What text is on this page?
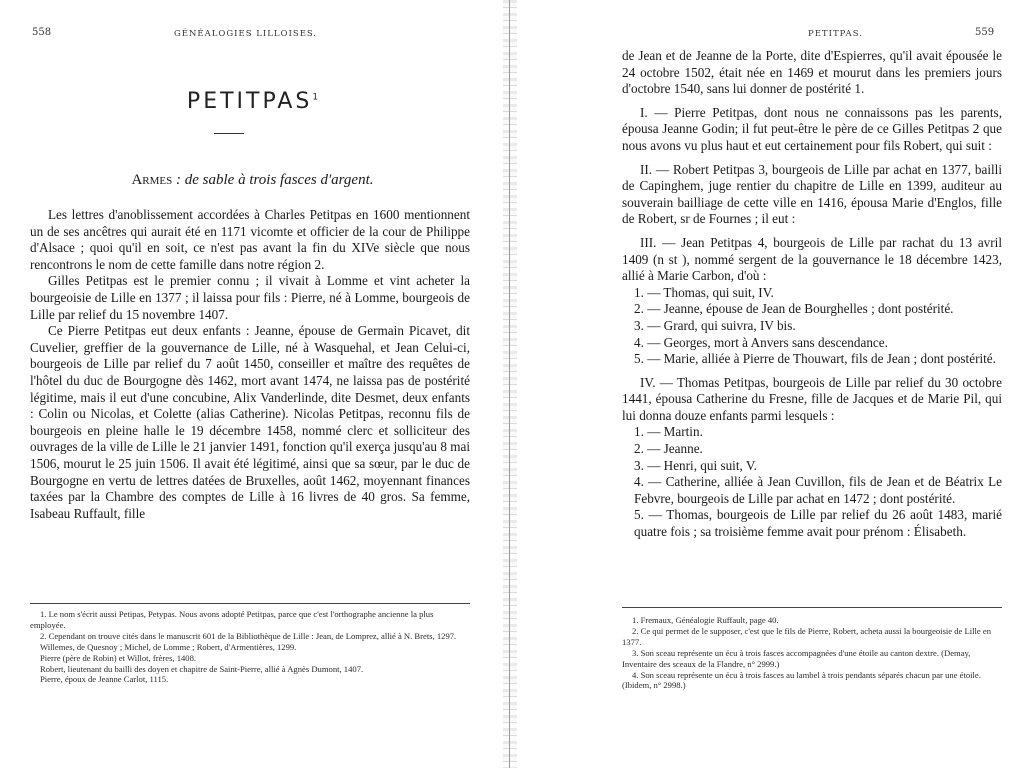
558	GÉNÉALOGIES LILLOISES.
PETITPAS$^1$
Armes : de sable à trois fasces d'argent.

Les lettres d'anoblissement accordées à Charles Petitpas en 1600 mentionnent un de ses ancêtres qui aurait été en 1171 vicomte et officier de la cour de Philippe d'Alsace ; quoi qu'il en soit, ce n'est pas avant la fin du XIVe siècle que nous rencontrons le nom de cette famille dans notre région 2.

Gilles Petitpas est le premier connu ; il vivait à Lomme et vint acheter la bourgeoisie de Lille en 1377 ; il laissa pour fils : Pierre, né à Lomme, bourgeois de Lille par relief du 15 novembre 1407.

Ce Pierre Petitpas eut deux enfants : Jeanne, épouse de Germain Picavet, dit Cuvelier, greffier de la gouvernance de Lille, né à Wasquehal, et Jean Celui-ci, bourgeois de Lille par relief du 7 août 1450, conseiller et maître des requêtes de l'hôtel du duc de Bourgogne dès 1462, mort avant 1474, ne laissa pas de postérité légitime, mais il eut d'une concubine, Alix Vanderlinde, dite Desmet, deux enfants : Colin ou Nicolas, et Colette (alias Catherine). Nicolas Petitpas, reconnu fils de bourgeois en pleine halle le 19 décembre 1458, nommé clerc et solliciteur des ouvrages de la ville de Lille le 21 janvier 1491, fonction qu'il exerça jusqu'au 8 mai 1506, mourut le 25 juin 1506. Il avait été légitimé, ainsi que sa sœur, par le duc de Bourgogne en vertu de lettres datées de Bruxelles, août 1462, moyennant finances taxées par la Chambre des comptes de Lille à 16 livres de 40 gros. Sa femme, Isabeau Ruffault, fille

1. Le nom s'écrit aussi Petipas, Petypas. Nous avons adopté Petitpas, parce que c'est l'orthographe ancienne la plus employée.

2. Cependant on trouve cités dans le manuscrit 601 de la Bibliothèque de Lille : Jean, de Lomprez, allié à N. Brets, 1297.

Willemes, de Quesnoy ; Michel, de Lomme ; Robert, d'Armentières, 1299.

Pierre (père de Robin) et Willot, frères, 1408.

Robert, lieutenant du bailli des doyen et chapitre de Saint-Pierre, allié à Agnès Dumont, 1407.

Pierre, époux de Jeanne Carlot, 1115.

PETITPAS.	559

de Jean et de Jeanne de la Porte, dite d'Espierres, qu'il avait épousée le 24 octobre 1502, était née en 1469 et mourut dans les premiers jours d'octobre 1540, sans lui donner de postérité 1.

I. — Pierre Petitpas, dont nous ne connaissons pas les parents, épousa Jeanne Godin; il fut peut-être le père de ce Gilles Petitpas 2 que nous avons vu plus haut et eut certainement pour fils Robert, qui suit :

II. — Robert Petitpas 3, bourgeois de Lille par achat en 1377, bailli de Capinghem, juge rentier du chapitre de Lille en 1399, auditeur au souverain bailliage de cette ville en 1416, épousa Marie d'Englos, fille de Robert, sr de Fournes ; il eut :

III. — Jean Petitpas 4, bourgeois de Lille par rachat du 13 avril 1409 (n st ), nommé sergent de la gouvernance le 18 décembre 1423, allié à Marie Carbon, d'où :

1. — Thomas, qui suit, IV.

2. — Jeanne, épouse de Jean de Bourghelles ; dont postérité.

3. — Grard, qui suivra, IV bis.

4. — Georges, mort à Anvers sans descendance.

5. — Marie, alliée à Pierre de Thouwart, fils de Jean ; dont postérité.

IV. — Thomas Petitpas, bourgeois de Lille par relief du 30 octobre 1441, épousa Catherine du Fresne, fille de Jacques et de Marie Pil, qui lui donna douze enfants parmi lesquels :

1. — Martin.

2. — Jeanne.

3. — Henri, qui suit, V.

4. — Catherine, alliée à Jean Cuvillon, fils de Jean et de Béatrix Le Febvre, bourgeois de Lille par achat en 1472 ; dont postérité.

5. — Thomas, bourgeois de Lille par relief du 26 août 1483, marié quatre fois ; sa troisième femme avait pour prénom : Élisabeth.

1. Fremaux, Généalogie Ruffault, page 40.

2. Ce qui permet de le supposer, c'est que le fils de Pierre, Robert, acheta aussi la bourgeoisie de Lille en 1377.

3. Son sceau représente un écu à trois fasces accompagnées d'une étoile au canton dextre. (Demay, Inventaire des sceaux de la Flandre, n° 2999.)

4. Son sceau représente un écu à trois fasces au lambel à trois pendants séparés chacun par une étoile. (Ibidem, n° 2998.)
